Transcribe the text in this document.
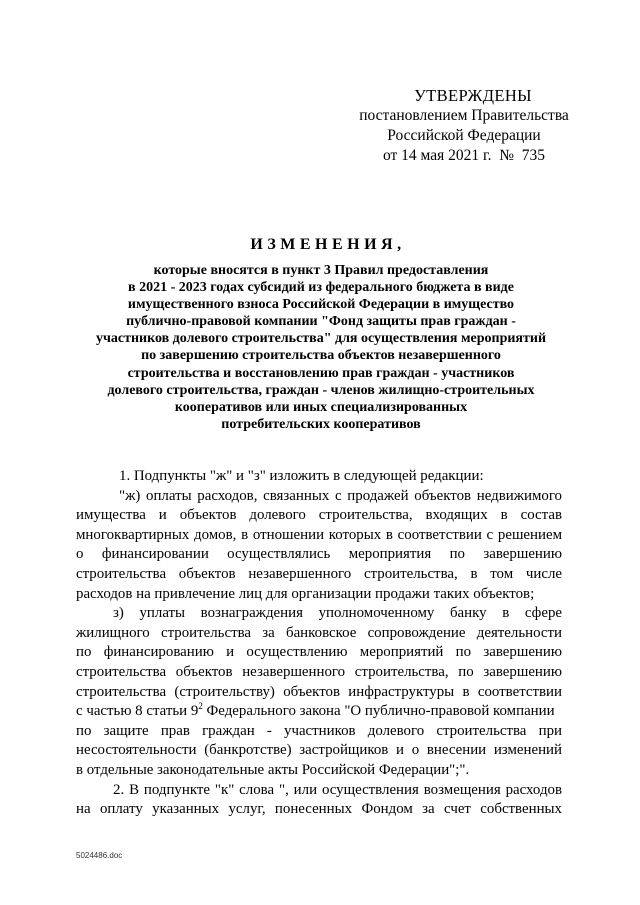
УТВЕРЖДЕНЫ
постановлением Правительства
Российской Федерации
от 14 мая 2021 г.  №  735
ИЗМЕНЕНИЯ,
которые вносятся в пункт 3 Правил предоставления
в 2021 - 2023 годах субсидий из федерального бюджета в виде
имущественного взноса Российской Федерации в имущество
публично-правовой компании "Фонд защиты прав граждан -
участников долевого строительства" для осуществления мероприятий
по завершению строительства объектов незавершенного
строительства и восстановлению прав граждан - участников
долевого строительства, граждан - членов жилищно-строительных
кооперативов или иных специализированных
потребительских кооперативов
1. Подпункты "ж" и "з" изложить в следующей редакции:
"ж) оплаты расходов, связанных с продажей объектов недвижимого
имущества и объектов долевого строительства, входящих в состав
многоквартирных домов, в отношении которых в соответствии с решением
о финансировании осуществлялись мероприятия по завершению
строительства объектов незавершенного строительства, в том числе
расходов на привлечение лиц для организации продажи таких объектов;
з) уплаты вознаграждения уполномоченному банку в сфере
жилищного строительства за банковское сопровождение деятельности
по финансированию и осуществлению мероприятий по завершению
строительства объектов незавершенного строительства, по завершению
строительства (строительству) объектов инфраструктуры в соответствии
с частью 8 статьи $9^2$ Федерального закона "О публично-правовой компании
по защите прав граждан - участников долевого строительства при
несостоятельности (банкротстве) застройщиков и о внесении изменений
в отдельные законодательные акты Российской Федерации";".
2. В подпункте "к" слова ", или осуществления возмещения расходов
на оплату указанных услуг, понесенных Фондом за счет собственных
5024486.doc
